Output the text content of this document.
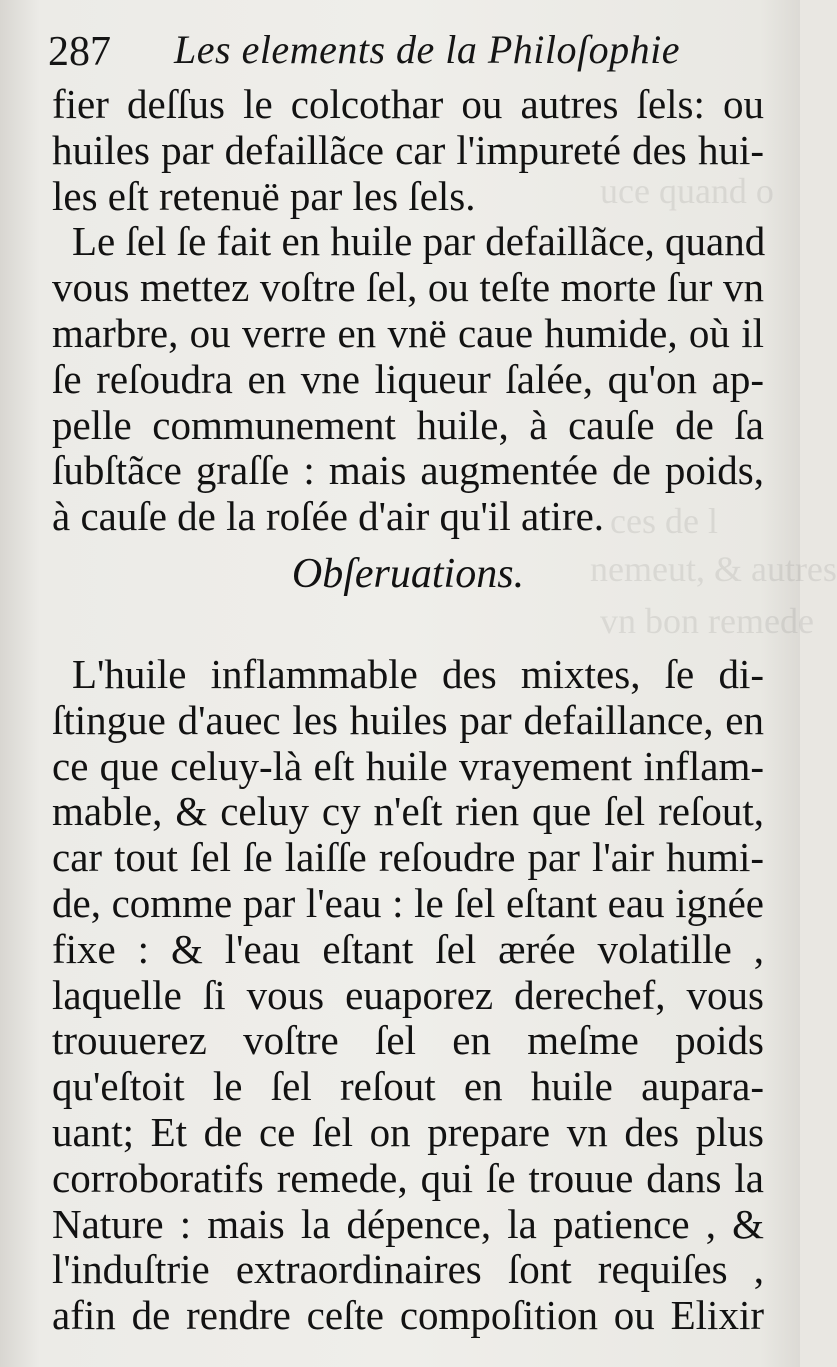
uce quand o
ces de l
nemeut, & autres
vn bon remede
287 Les elements de la Philoſophie
fier deſſus le colcothar ou autres ſels: ou
huiles par defaillãce car l'impureté des hui-
les eſt retenuë par les ſels.
Le ſel ſe fait en huile par defaillãce, quand
vous mettez voſtre ſel, ou teſte morte ſur vn
marbre, ou verre en vnë caue humide, où il
ſe reſoudra en vne liqueur ſalée, qu'on ap-
pelle communement huile, à cauſe de ſa
ſubſtãce graſſe : mais augmentée de poids,
à cauſe de la roſée d'air qu'il atire.
Obſeruations.
L'huile inflammable des mixtes, ſe di-
ſtingue d'auec les huiles par defaillance, en
ce que celuy-là eſt huile vrayement inflam-
mable, & celuy cy n'eſt rien que ſel reſout,
car tout ſel ſe laiſſe reſoudre par l'air humi-
de, comme par l'eau : le ſel eſtant eau ignée
fixe : & l'eau eſtant ſel æréе volatille ,
laquelle ſi vous euaporez derechef, vous
trouuerez voſtre ſel en meſme poids
qu'eſtoit le ſel reſout en huile aupara-
uant; Et de ce ſel on prepare vn des plus
corroboratifs remede, qui ſe trouue dans la
Nature : mais la dépence, la patience , &
l'induſtrie extraordinaires ſont requiſes ,
afin de rendre ceſte compoſition ou Elixir
